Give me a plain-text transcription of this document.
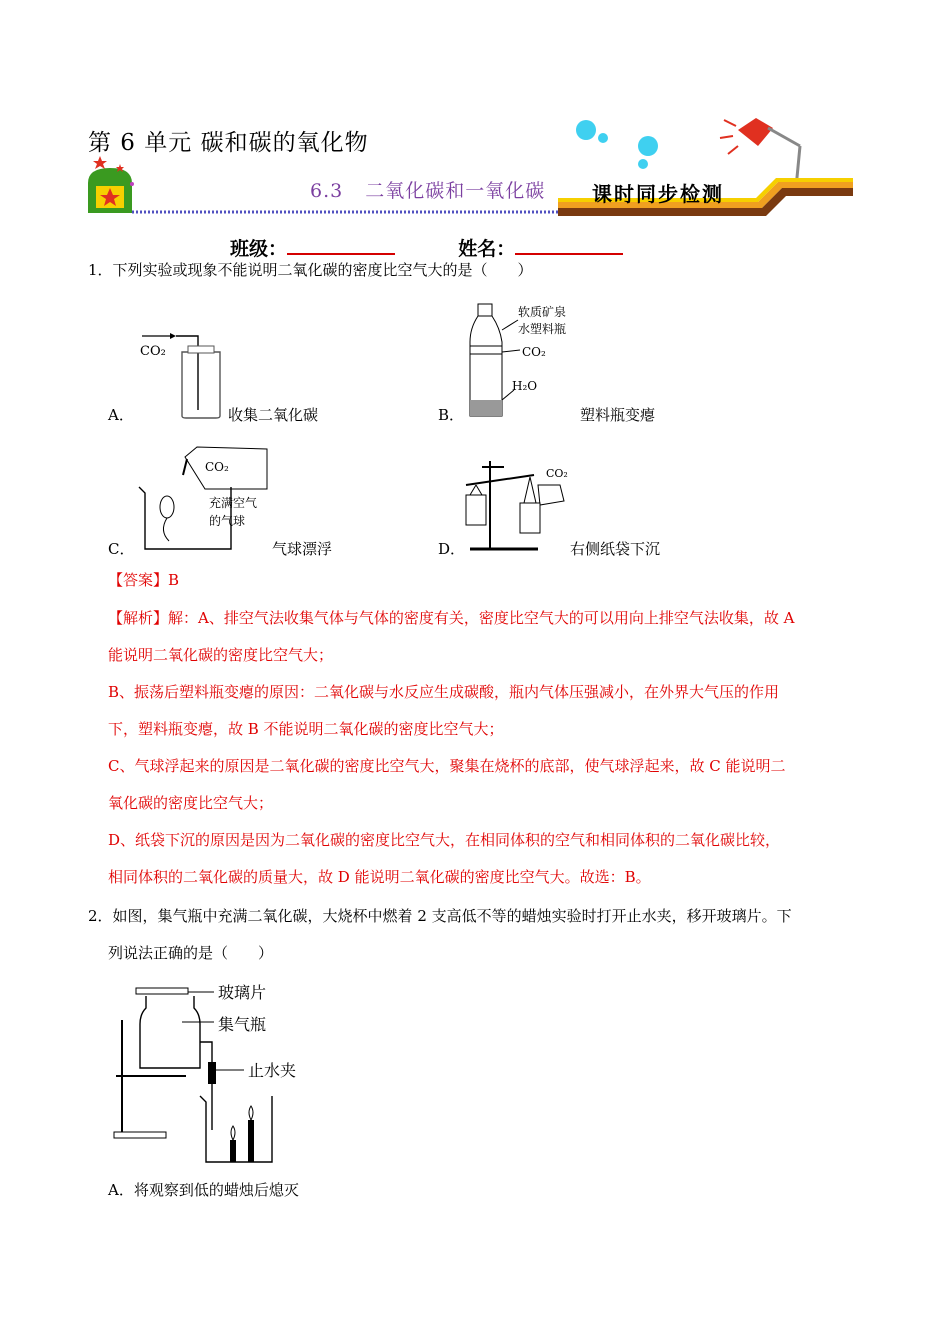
第 6 单元 碳和碳的氧化物
6.3 二氧化碳和一氧化碳 课时同步检测
班级：	姓名：
1．下列实验或现象不能说明二氧化碳的密度比空气大的是（　　）
CO₂
A．	收集二氧化碳
软质矿泉
水塑料瓶
CO₂
H₂O
B．	塑料瓶变瘪
CO₂
充满空气
的气球
C．	气球漂浮
CO₂
D．	右侧纸袋下沉
【答案】B
【解析】解：A、排空气法收集气体与气体的密度有关，密度比空气大的可以用向上排空气法收集，故 A
能说明二氧化碳的密度比空气大；
B、振荡后塑料瓶变瘪的原因：二氧化碳与水反应生成碳酸，瓶内气体压强减小，在外界大气压的作用
下，塑料瓶变瘪，故 B 不能说明二氧化碳的密度比空气大；
C、气球浮起来的原因是二氧化碳的密度比空气大，聚集在烧杯的底部，使气球浮起来，故 C 能说明二
氧化碳的密度比空气大；
D、纸袋下沉的原因是因为二氧化碳的密度比空气大，在相同体积的空气和相同体积的二氧化碳比较，
相同体积的二氧化碳的质量大，故 D 能说明二氧化碳的密度比空气大。故选：B。
2．如图，集气瓶中充满二氧化碳，大烧杯中燃着 2 支高低不等的蜡烛实验时打开止水夹，移开玻璃片。下
列说法正确的是（　　）
玻璃片
集气瓶
止水夹
A．将观察到低的蜡烛后熄灭
